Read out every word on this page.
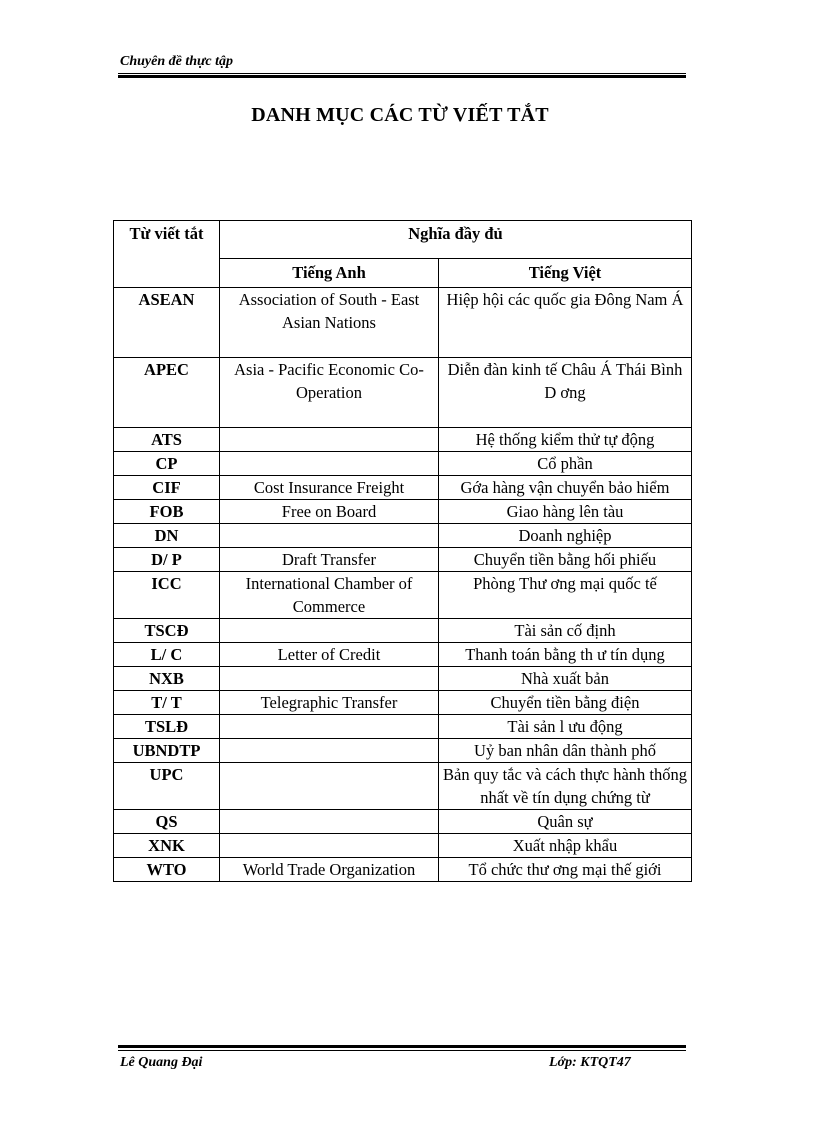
Chuyên đề thực tập
DANH MỤC CÁC TỪ VIẾT TẮT
Từ viết tắt	Nghĩa đầy đủ	
	Tiếng Anh	Tiếng Việt
ASEAN	Association of South - East Asian Nations	Hiệp hội các quốc gia Đông Nam Á
APEC	Asia - Pacific Economic Co-Operation	Diễn đàn kinh tế Châu Á Thái Bình D ơng
ATS		Hệ thống kiểm thử tự động
CP		Cổ phần
CIF	Cost Insurance Freight	Gớa hàng vận chuyển bảo hiểm
FOB	Free on Board	Giao hàng lên tàu
DN		Doanh nghiệp
D/ P	Draft Transfer	Chuyển tiền bằng hối phiếu
ICC	International Chamber of Commerce	Phòng Thư ơng mại quốc tế
TSCĐ		Tài sản cố định
L/ C	Letter of Credit	Thanh toán bằng th ư tín dụng
NXB		Nhà xuất bản
T/ T	Telegraphic Transfer	Chuyển tiền bằng điện
TSLĐ		Tài sản l ưu động
UBNDTP		Uỷ ban nhân dân thành phố
UPC		Bản quy tắc và cách thực hành thống nhất về tín dụng chứng từ
QS		Quân sự
XNK		Xuất nhập khẩu
WTO	World Trade Organization	Tổ chức thư ơng mại thế giới
Lê Quang Đại	Lớp: KTQT47
